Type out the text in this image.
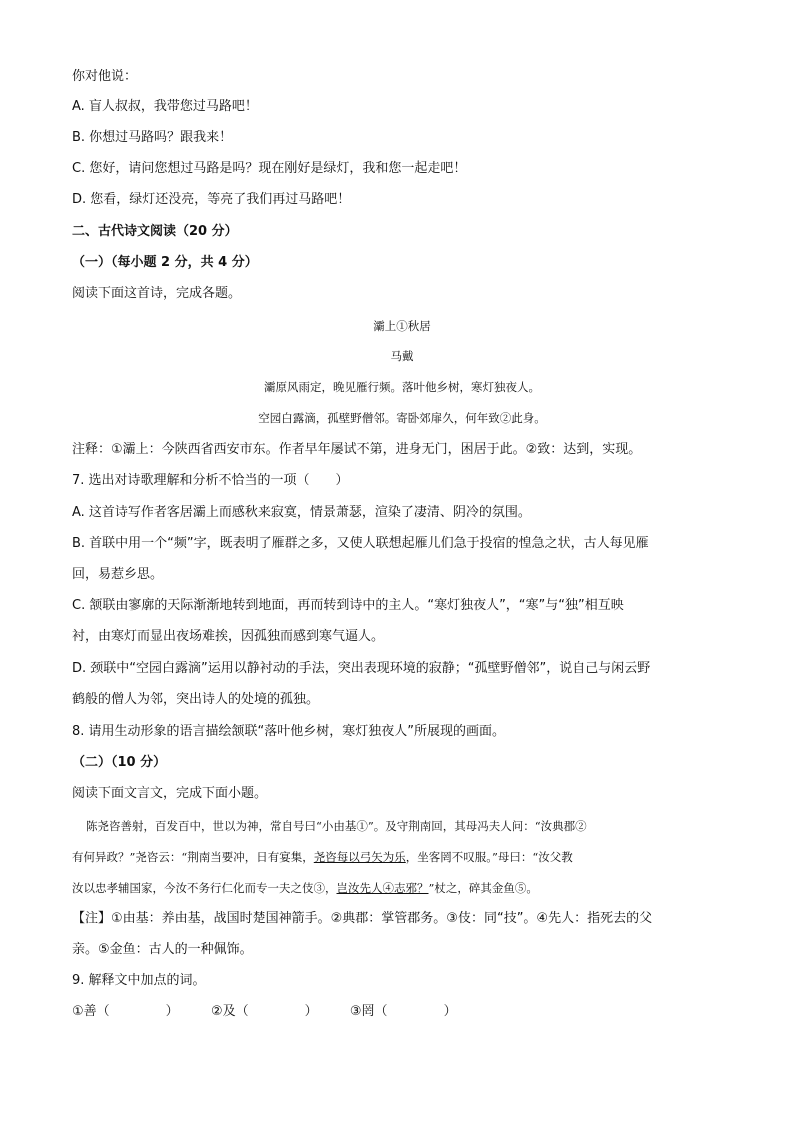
你对他说：
A. 盲人叔叔，我带您过马路吧！
B. 你想过马路吗？跟我来！
C. 您好，请问您想过马路是吗？现在刚好是绿灯，我和您一起走吧！
D. 您看，绿灯还没亮，等亮了我们再过马路吧！
二、古代诗文阅读（20 分）
（一）（每小题 2 分，共 4 分）
阅读下面这首诗，完成各题。
灞上①秋居
马戴
灞原风雨定，晚见雁行频。落叶他乡树，寒灯独夜人。
空园白露滴，孤壁野僧邻。寄卧郊扉久，何年致②此身。
注释：①灞上：今陕西省西安市东。作者早年屡试不第，进身无门，困居于此。②致：达到，实现。
7. 选出对诗歌理解和分析不恰当的一项（　　）
A. 这首诗写作者客居灞上而感秋来寂寞，情景萧瑟，渲染了凄清、阴冷的氛围。
B. 首联中用一个“频”字，既表明了雁群之多，又使人联想起雁儿们急于投宿的惶急之状，古人每见雁
回，易惹乡思。
C. 颔联由寥廓的天际渐渐地转到地面，再而转到诗中的主人。“寒灯独夜人”，“寒”与“独”相互映
衬，由寒灯而显出夜场难挨，因孤独而感到寒气逼人。
D. 颈联中“空园白露滴”运用以静衬动的手法，突出表现环境的寂静；“孤壁野僧邻”，说自己与闲云野
鹤般的僧人为邻，突出诗人的处境的孤独。
8. 请用生动形象的语言描绘颔联“落叶他乡树，寒灯独夜人”所展现的画面。
（二）（10 分）
阅读下面文言文，完成下面小题。
陈尧咨善射，百发百中，世以为神，常自号曰“小由基①”。及守荆南回，其母冯夫人问：“汝典郡②
有何异政？”尧咨云：“荆南当要冲，日有宴集，尧咨每以弓矢为乐，坐客罔不叹服。”母曰：“汝父教
汝以忠孝辅国家，今汝不务行仁化而专一夫之伎③，岂汝先人④志邪？”杖之，碎其金鱼⑤。
【注】①由基：养由基，战国时楚国神箭手。②典郡：掌管郡务。③伎：同“技”。④先人：指死去的父
亲。⑤金鱼：古人的一种佩饰。
9. 解释文中加点的词。
①善（	） ②及（	） ③罔（	）
